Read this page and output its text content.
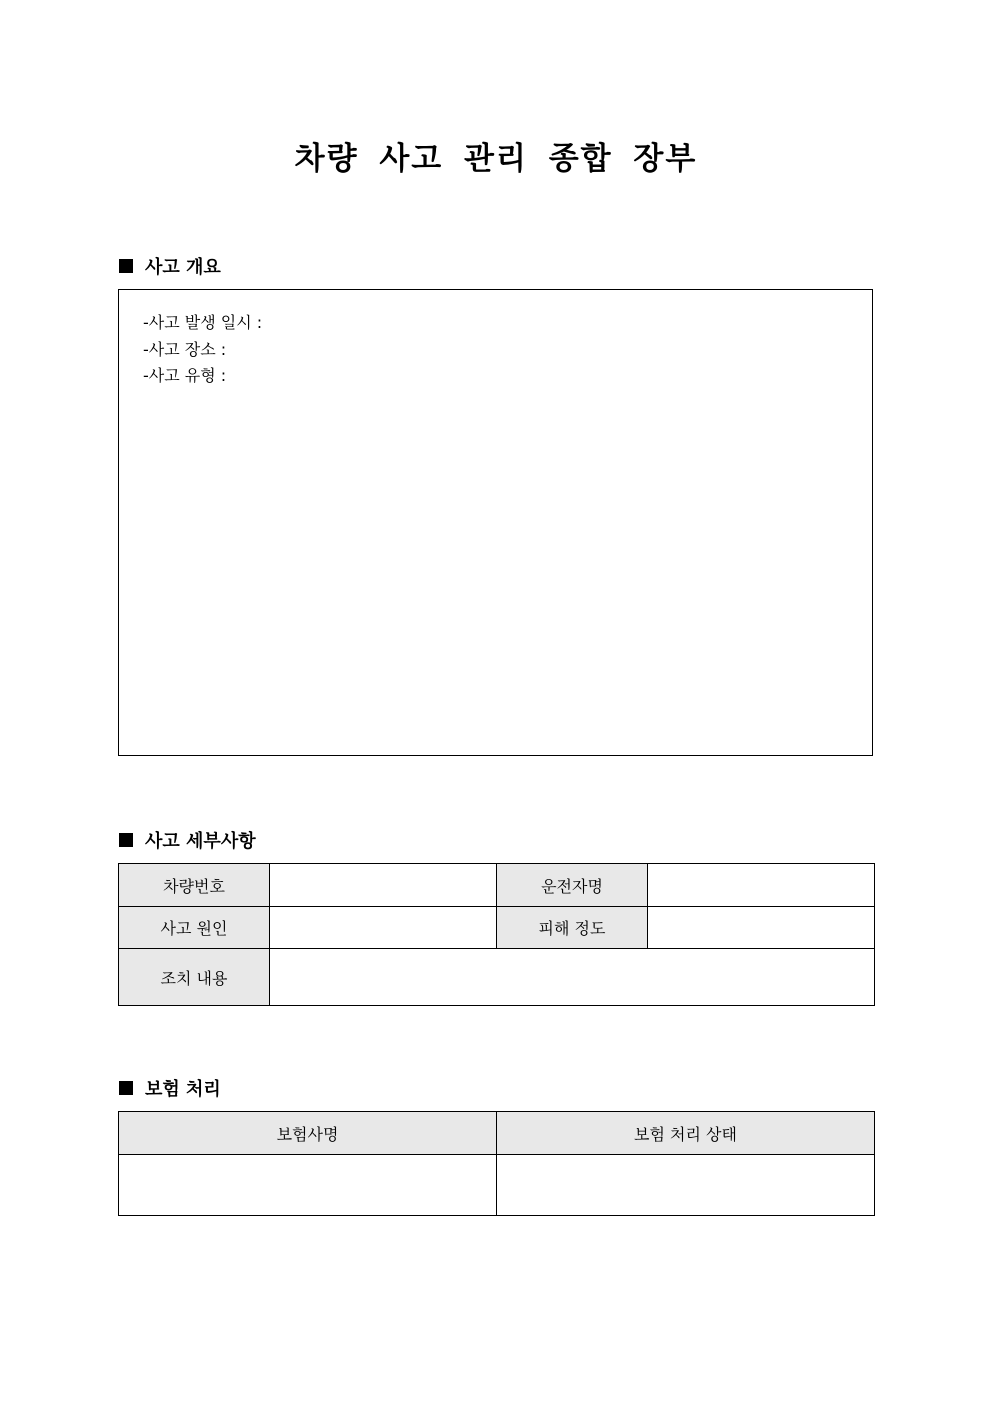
차량 사고 관리 종합 장부
사고 개요
-사고 발생 일시 :
-사고 장소 :
-사고 유형 :
사고 세부사항
차량번호		운전자명	
사고 원인		피해 정도	
조치 내용			
보험 처리
보험사명	보험 처리 상태
